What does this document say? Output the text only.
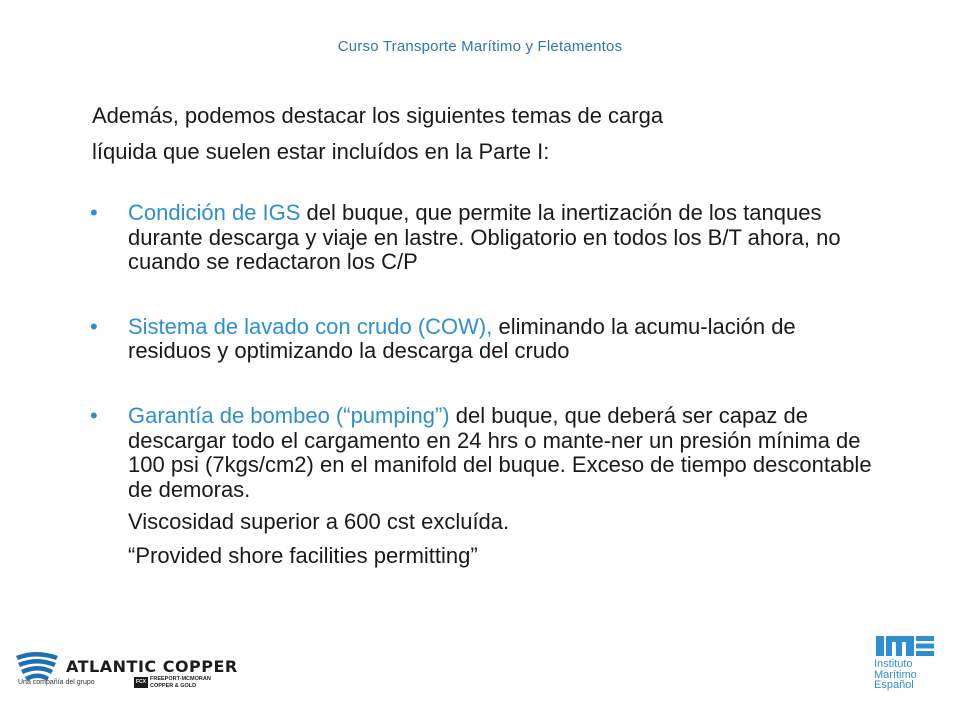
Curso Transporte Marítimo y Fletamentos
Además, podemos destacar los siguientes temas de carga
líquida que suelen estar incluídos en la Parte I:
• Condición de IGS del buque, que permite la inertización de los tanques durante descarga y viaje en lastre. Obligatorio en todos los B/T ahora, no cuando se redactaron los C/P
• Sistema de lavado con crudo (COW), eliminando la acumu-lación de residuos y optimizando la descarga del crudo
• Garantía de bombeo (“pumping”) del buque, que deberá ser capaz de descargar todo el cargamento en 24 hrs o mante-ner un presión mínima de 100 psi (7kgs/cm2) en el manifold del buque. Exceso de tiempo descontable de demoras.
Viscosidad superior a 600 cst excluída.
“Provided shore facilities permitting”
ATLANTIC COPPER
Una compañía del grupo	FCX FREEPORT-MCMORAN
COPPER & GOLD
Instituto
Marítimo
Español
